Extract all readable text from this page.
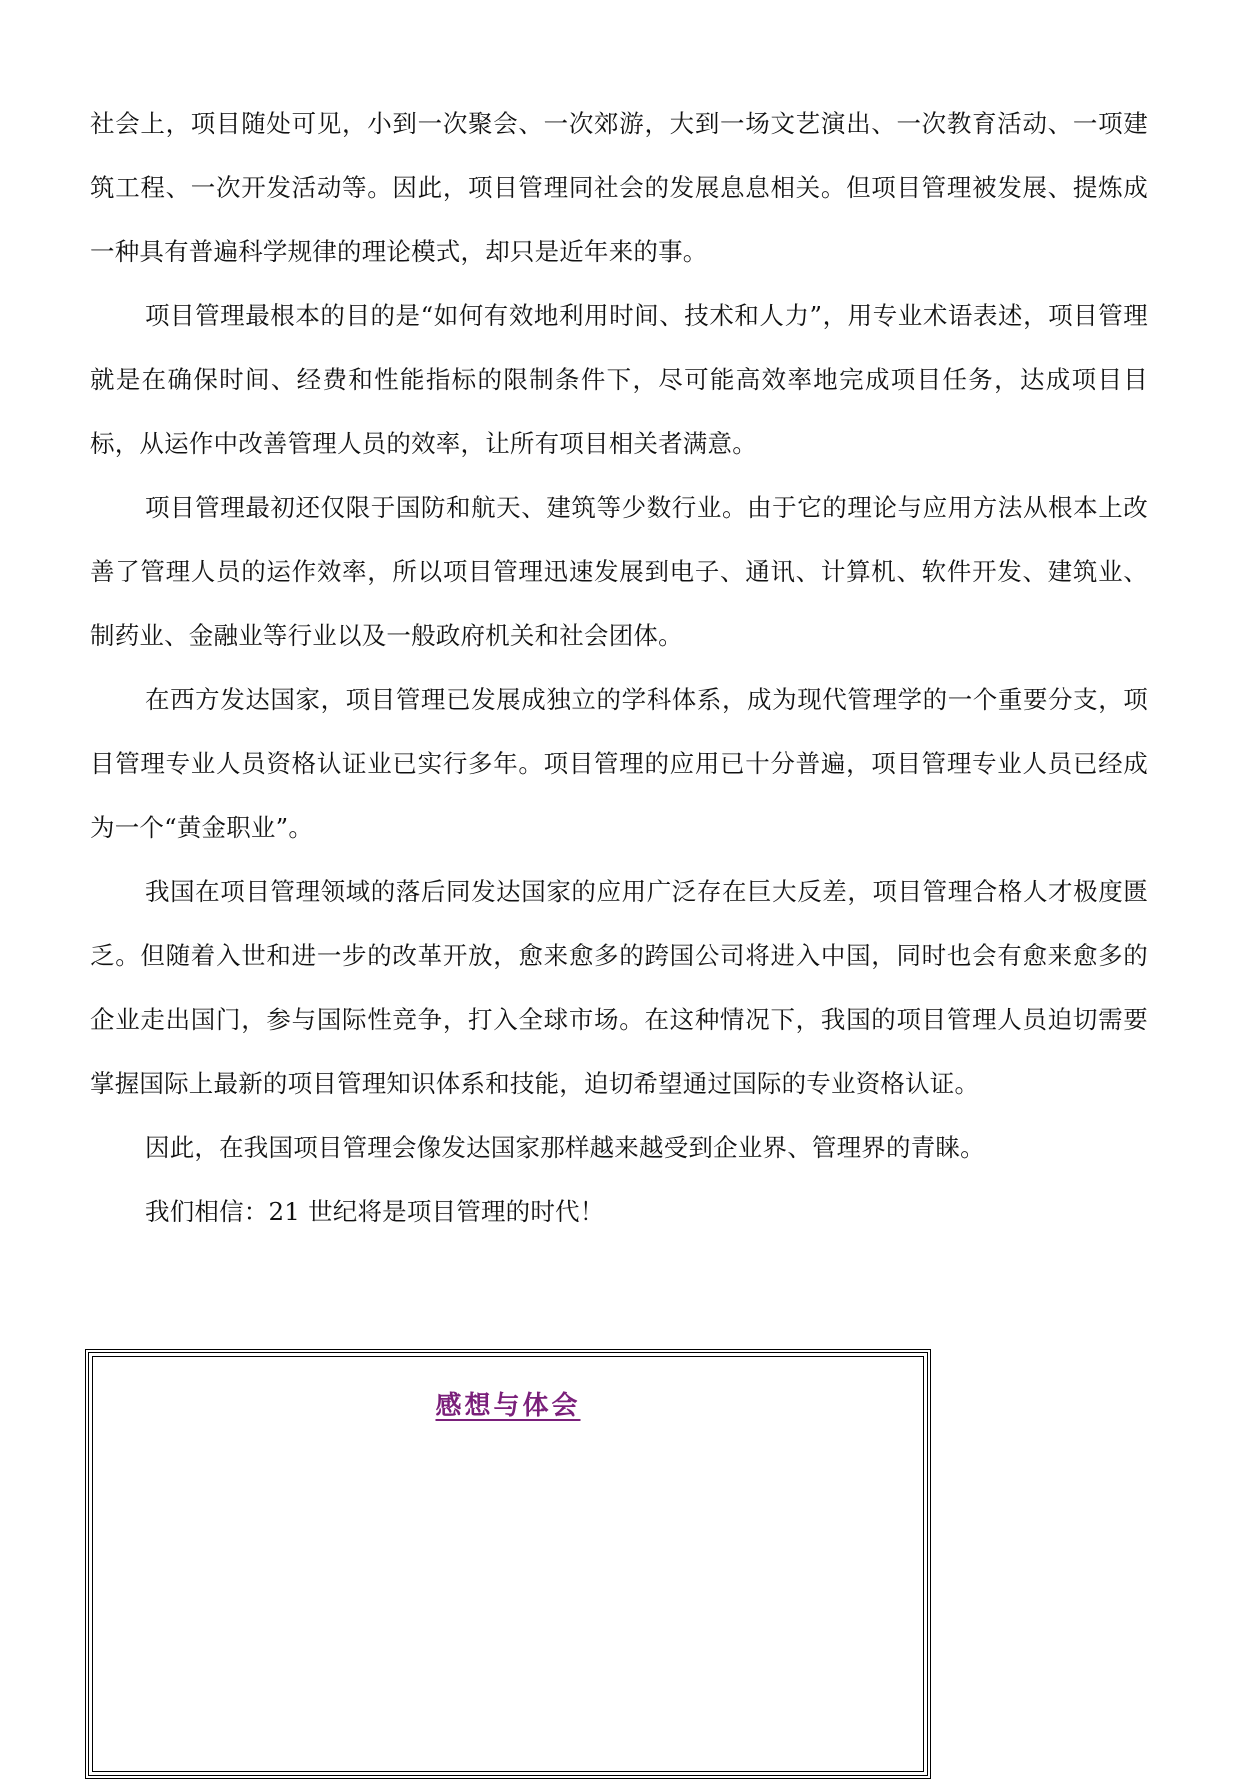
社会上，项目随处可见，小到一次聚会、一次郊游，大到一场文艺演出、一次教育活动、一项建筑工程、一次开发活动等。因此，项目管理同社会的发展息息相关。但项目管理被发展、提炼成一种具有普遍科学规律的理论模式，却只是近年来的事。

项目管理最根本的目的是“如何有效地利用时间、技术和人力”，用专业术语表述，项目管理就是在确保时间、经费和性能指标的限制条件下，尽可能高效率地完成项目任务，达成项目目标，从运作中改善管理人员的效率，让所有项目相关者满意。

项目管理最初还仅限于国防和航天、建筑等少数行业。由于它的理论与应用方法从根本上改善了管理人员的运作效率，所以项目管理迅速发展到电子、通讯、计算机、软件开发、建筑业、制药业、金融业等行业以及一般政府机关和社会团体。

在西方发达国家，项目管理已发展成独立的学科体系，成为现代管理学的一个重要分支，项目管理专业人员资格认证业已实行多年。项目管理的应用已十分普遍，项目管理专业人员已经成为一个“黄金职业”。

我国在项目管理领域的落后同发达国家的应用广泛存在巨大反差，项目管理合格人才极度匮乏。但随着入世和进一步的改革开放，愈来愈多的跨国公司将进入中国，同时也会有愈来愈多的企业走出国门，参与国际性竞争，打入全球市场。在这种情况下，我国的项目管理人员迫切需要掌握国际上最新的项目管理知识体系和技能，迫切希望通过国际的专业资格认证。

因此，在我国项目管理会像发达国家那样越来越受到企业界、管理界的青睐。

我们相信：21 世纪将是项目管理的时代！

感想与体会
